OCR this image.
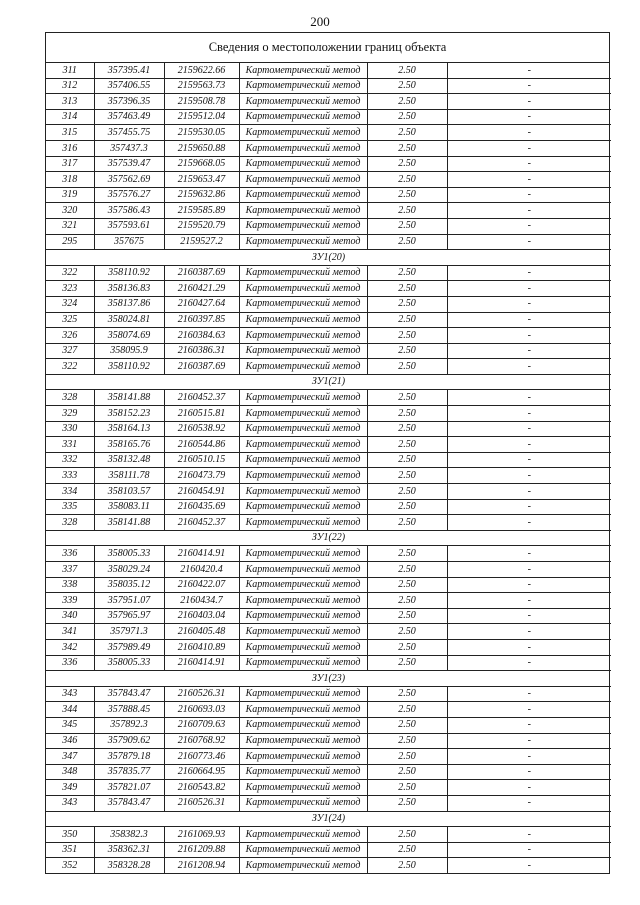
200
Сведения о местоположении границ объекта
311	357395.41	2159622.66	Картометрический метод	2.50	-
312	357406.55	2159563.73	Картометрический метод	2.50	-
313	357396.35	2159508.78	Картометрический метод	2.50	-
314	357463.49	2159512.04	Картометрический метод	2.50	-
315	357455.75	2159530.05	Картометрический метод	2.50	-
316	357437.3	2159650.88	Картометрический метод	2.50	-
317	357539.47	2159668.05	Картометрический метод	2.50	-
318	357562.69	2159653.47	Картометрический метод	2.50	-
319	357576.27	2159632.86	Картометрический метод	2.50	-
320	357586.43	2159585.89	Картометрический метод	2.50	-
321	357593.61	2159520.79	Картометрический метод	2.50	-
295	357675	2159527.2	Картометрический метод	2.50	-
ЗУ1(20)					
322	358110.92	2160387.69	Картометрический метод	2.50	-
323	358136.83	2160421.29	Картометрический метод	2.50	-
324	358137.86	2160427.64	Картометрический метод	2.50	-
325	358024.81	2160397.85	Картометрический метод	2.50	-
326	358074.69	2160384.63	Картометрический метод	2.50	-
327	358095.9	2160386.31	Картометрический метод	2.50	-
322	358110.92	2160387.69	Картометрический метод	2.50	-
ЗУ1(21)					
328	358141.88	2160452.37	Картометрический метод	2.50	-
329	358152.23	2160515.81	Картометрический метод	2.50	-
330	358164.13	2160538.92	Картометрический метод	2.50	-
331	358165.76	2160544.86	Картометрический метод	2.50	-
332	358132.48	2160510.15	Картометрический метод	2.50	-
333	358111.78	2160473.79	Картометрический метод	2.50	-
334	358103.57	2160454.91	Картометрический метод	2.50	-
335	358083.11	2160435.69	Картометрический метод	2.50	-
328	358141.88	2160452.37	Картометрический метод	2.50	-
ЗУ1(22)					
336	358005.33	2160414.91	Картометрический метод	2.50	-
337	358029.24	2160420.4	Картометрический метод	2.50	-
338	358035.12	2160422.07	Картометрический метод	2.50	-
339	357951.07	2160434.7	Картометрический метод	2.50	-
340	357965.97	2160403.04	Картометрический метод	2.50	-
341	357971.3	2160405.48	Картометрический метод	2.50	-
342	357989.49	2160410.89	Картометрический метод	2.50	-
336	358005.33	2160414.91	Картометрический метод	2.50	-
ЗУ1(23)					
343	357843.47	2160526.31	Картометрический метод	2.50	-
344	357888.45	2160693.03	Картометрический метод	2.50	-
345	357892.3	2160709.63	Картометрический метод	2.50	-
346	357909.62	2160768.92	Картометрический метод	2.50	-
347	357879.18	2160773.46	Картометрический метод	2.50	-
348	357835.77	2160664.95	Картометрический метод	2.50	-
349	357821.07	2160543.82	Картометрический метод	2.50	-
343	357843.47	2160526.31	Картометрический метод	2.50	-
ЗУ1(24)					
350	358382.3	2161069.93	Картометрический метод	2.50	-
351	358362.31	2161209.88	Картометрический метод	2.50	-
352	358328.28	2161208.94	Картометрический метод	2.50	-
